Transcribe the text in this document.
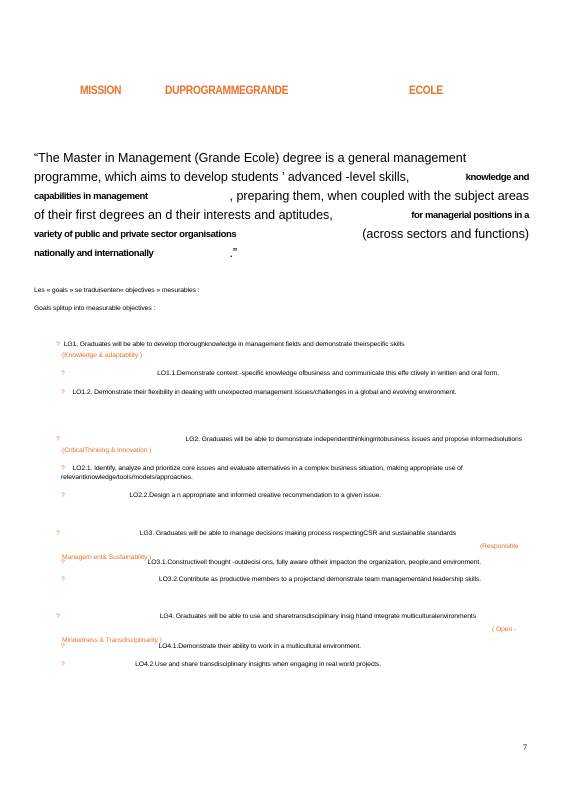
MISSION	DUPROGRAMMEGRANDE	ECOLE
“The Master in Management (Grande Ecole) degree is a general management
programme, which aims to develop students ’ advanced -level skills,	knowledge and
capabilities in management	, preparing them, when coupled with the subject areas
of their first degrees an d their interests and aptitudes,	for managerial positions in a
variety of public and private sector organisations	(across sectors and functions)
nationally and internationally	.”
Les « goals » se traduisenten« objectives » mesurables :
Goals splitup into measurable objectives :
? LG1. Graduates will be able to develop thoroughknowledge in management fields and demonstrate theirspecific skills
(Knowledge & adaptability )
?	LO1.1.Demonstrate context -specific knowledge ofbusiness and communicate this effe ctively in written and oral form.
? LO1.2. Demonstrate their flexibility in dealing with unexpected management issues/challenges in a global and evolving environment.
?	LG2. Graduates will be able to demonstrate independentthinkingintobusiness issues and propose informedsolutions
(CriticalThinking & Innovation )
? LO2.1. Identify, analyze and prioritize core issues and evaluate alternatives in a complex business situation, making appropriate use of relevantknowledge/tools/models/approaches.
?	LO2.2.Design a n appropriate and informed creative recommendation to a given issue.
?	LG3. Graduates will be able to manage decisions making process respectingCSR and sustainable standards
(Responsible Managem ent& Sustainability )
?	LO3.1.Constructivell thought -outdecisi ons, fully aware oftheir impacton the organization, people,and environment.
?	LO3.2.Contribute as productive members to a projectand demonstrate team managementand leadership skills.
?	LG4. Graduates will be able to use and sharetransdisciplinary insig htand integrate multiculturalenvironments
( Open - Mindedness & Transdisciplinarity )
?	LO4.1.Demonstrate their ability to work in a multicultural environment.
?	LO4.2.Use and share transdisciplinary insights when engaging in real world projects.
7
